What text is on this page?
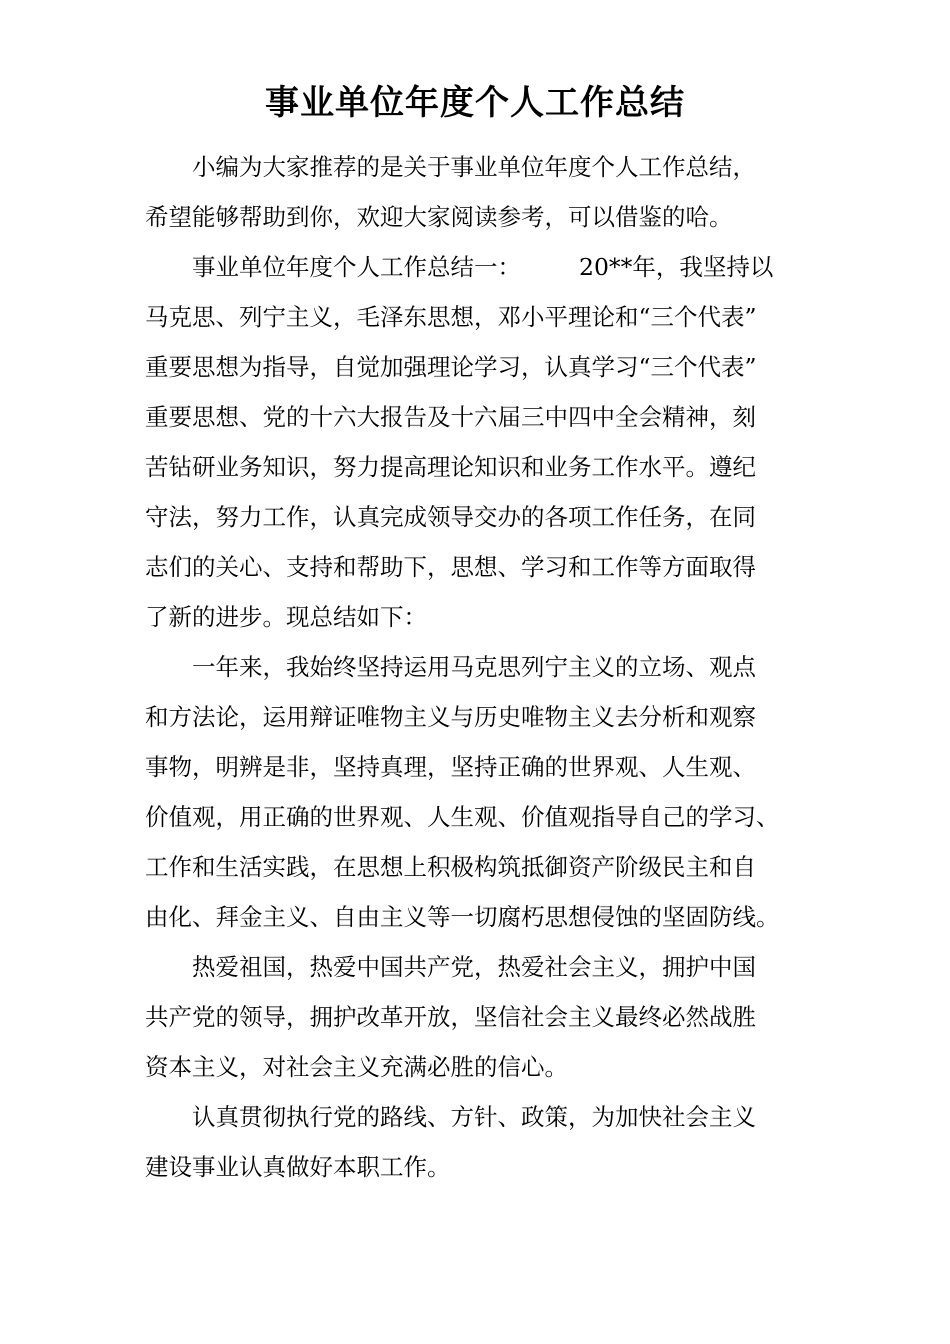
事业单位年度个人工作总结

小编为大家推荐的是关于事业单位年度个人工作总结，
希望能够帮助到你，欢迎大家阅读参考，可以借鉴的哈。

事业单位年度个人工作总结一： 20**年，我坚持以
马克思、列宁主义，毛泽东思想，邓小平理论和“三个代表”
重要思想为指导，自觉加强理论学习，认真学习“三个代表”
重要思想、党的十六大报告及十六届三中四中全会精神，刻
苦钻研业务知识，努力提高理论知识和业务工作水平。遵纪
守法，努力工作，认真完成领导交办的各项工作任务，在同
志们的关心、支持和帮助下，思想、学习和工作等方面取得
了新的进步。现总结如下：

一年来，我始终坚持运用马克思列宁主义的立场、观点
和方法论，运用辩证唯物主义与历史唯物主义去分析和观察
事物，明辨是非，坚持真理，坚持正确的世界观、人生观、
价值观，用正确的世界观、人生观、价值观指导自己的学习、
工作和生活实践，在思想上积极构筑抵御资产阶级民主和自
由化、拜金主义、自由主义等一切腐朽思想侵蚀的坚固防线。

热爱祖国，热爱中国共产党，热爱社会主义，拥护中国
共产党的领导，拥护改革开放，坚信社会主义最终必然战胜
资本主义，对社会主义充满必胜的信心。

认真贯彻执行党的路线、方针、政策，为加快社会主义
建设事业认真做好本职工作。
